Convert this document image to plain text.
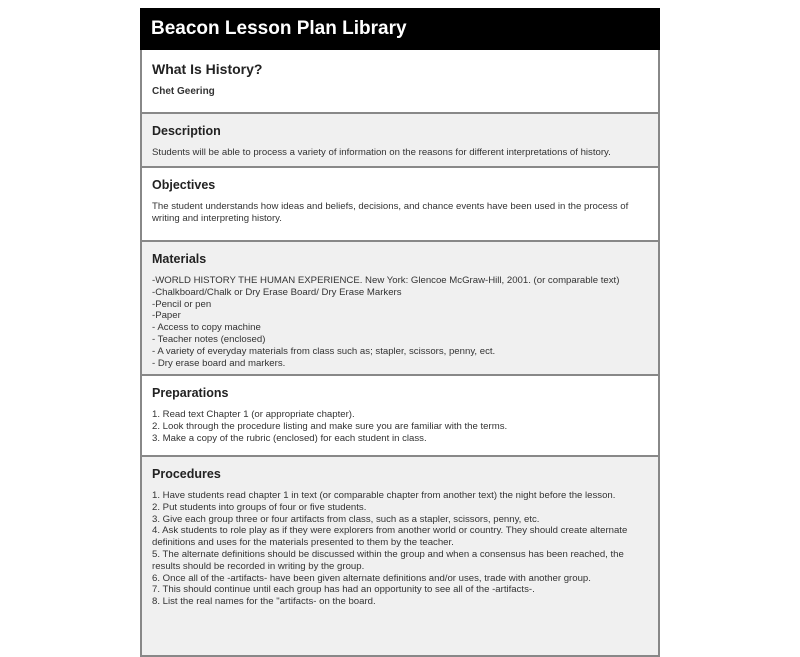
Beacon Lesson Plan Library
What Is History?
Chet Geering
Description
Students will be able to process a variety of information on the reasons for different interpretations of history.
Objectives
The student understands how ideas and beliefs, decisions, and chance events have been used in the process of writing and interpreting history.
Materials
-WORLD HISTORY THE HUMAN EXPERIENCE. New York: Glencoe McGraw-Hill, 2001. (or comparable text)
-Chalkboard/Chalk or Dry Erase Board/ Dry Erase Markers
-Pencil or pen
-Paper
- Access to copy machine
- Teacher notes (enclosed)
- A variety of everyday materials from class such as; stapler, scissors, penny, ect.
- Dry erase board and markers.
Preparations
1. Read text Chapter 1 (or appropriate chapter).
2. Look through the procedure listing and make sure you are familiar with the terms.
3. Make a copy of the rubric (enclosed) for each student in class.
Procedures
1. Have students read chapter 1 in text (or comparable chapter from another text) the night before the lesson.
2. Put students into groups of four or five students.
3. Give each group three or four artifacts from class, such as a stapler, scissors, penny, etc.
4. Ask students to role play as if they were explorers from another world or country. They should create alternate definitions and uses for the materials presented to them by the teacher.
5. The alternate definitions should be discussed within the group and when a consensus has been reached, the results should be recorded in writing by the group.
6. Once all of the -artifacts- have been given alternate definitions and/or uses, trade with another group.
7. This should continue until each group has had an opportunity to see all of the -artifacts-.
8. List the real names for the "artifacts- on the board.
